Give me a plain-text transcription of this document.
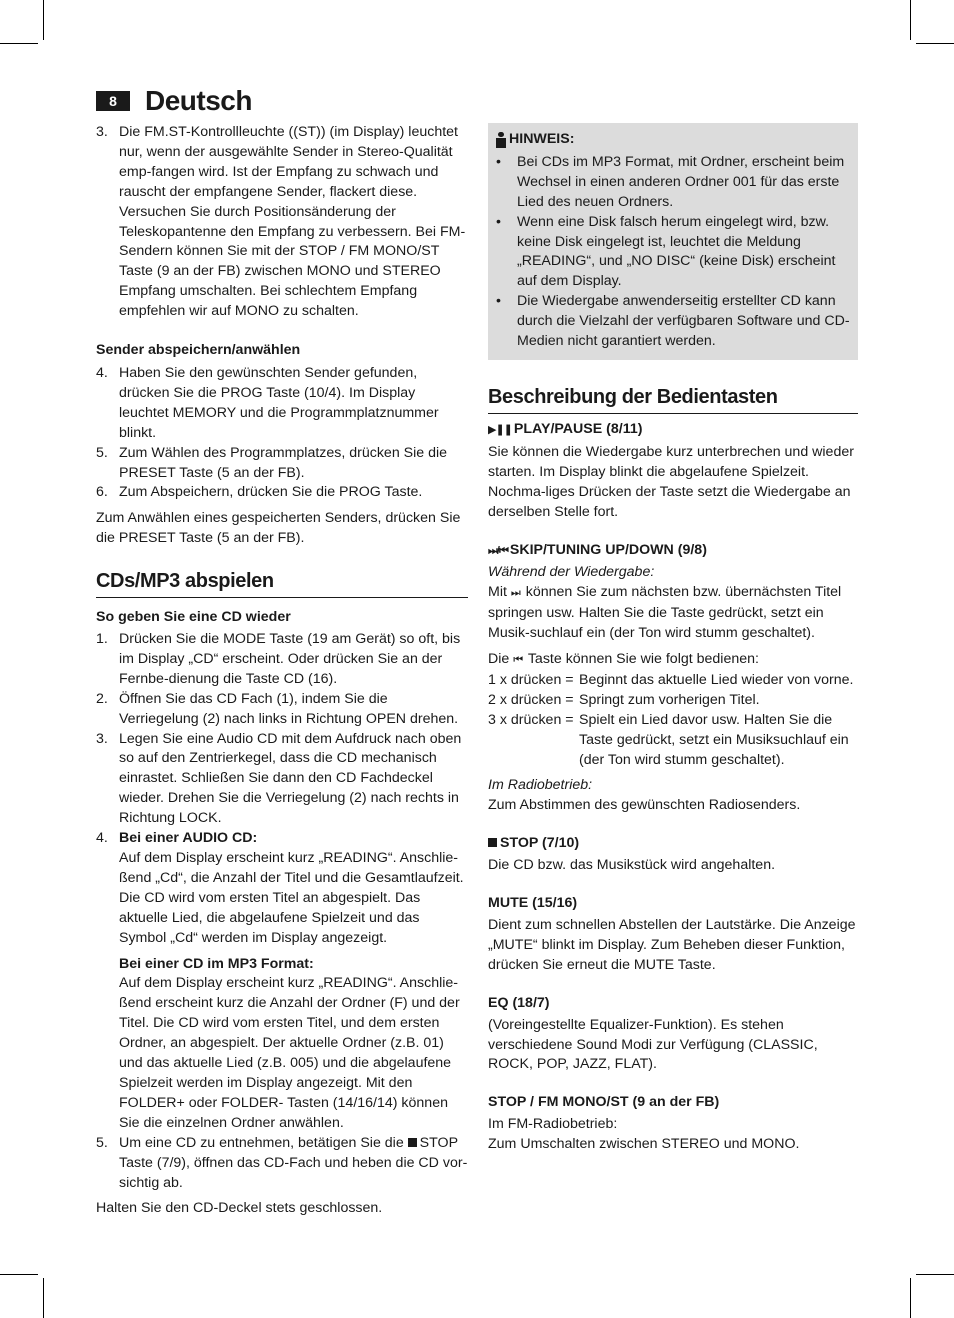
8	Deutsch
3. Die FM.ST-Kontrollleuchte ((ST)) (im Display) leuchtet nur, wenn der ausgewählte Sender in Stereo-Qualität emp-fangen wird. Ist der Empfang zu schwach und rauscht der empfangene Sender, flackert diese. Versuchen Sie durch Positionsänderung der Teleskopantenne den Empfang zu verbessern. Bei FM-Sendern können Sie mit der STOP / FM MONO/ST Taste (9 an der FB) zwischen MONO und STEREO Empfang umschalten. Bei schlechtem Empfang empfehlen wir auf MONO zu schalten.

Sender abspeichern/anwählen

4. Haben Sie den gewünschten Sender gefunden, drücken Sie die PROG Taste (10/4). Im Display leuchtet MEMORY und die Programmplatznummer blinkt.
5. Zum Wählen des Programmplatzes, drücken Sie die PRESET Taste (5 an der FB).
6. Zum Abspeichern, drücken Sie die PROG Taste.

Zum Anwählen eines gespeicherten Senders, drücken Sie die PRESET Taste (5 an der FB).

CDs/MP3 abspielen

So geben Sie eine CD wieder

1. Drücken Sie die MODE Taste (19 am Gerät) so oft, bis im Display „CD“ erscheint. Oder drücken Sie an der Fernbe-dienung die Taste CD (16).
2. Öffnen Sie das CD Fach (1), indem Sie die Verriegelung (2) nach links in Richtung OPEN drehen.
3. Legen Sie eine Audio CD mit dem Aufdruck nach oben so auf den Zentrierkegel, dass die CD mechanisch einrastet. Schließen Sie dann den CD Fachdeckel wieder. Drehen Sie die Verriegelung (2) nach rechts in Richtung LOCK.
4. Bei einer AUDIO CD:

Auf dem Display erscheint kurz „READING“. Anschlie-ßend „Cd“, die Anzahl der Titel und die Gesamtlaufzeit. Die CD wird vom ersten Titel an abgespielt. Das aktuelle Lied, die abgelaufene Spielzeit und das Symbol „Cd“ werden im Display angezeigt.

Bei einer CD im MP3 Format:

Auf dem Display erscheint kurz „READING“. Anschlie-ßend erscheint kurz die Anzahl der Ordner (F) und der Titel. Die CD wird vom ersten Titel, und dem ersten Ordner, an abgespielt. Der aktuelle Ordner (z.B. 01) und das aktuelle Lied (z.B. 005) und die abgelaufene Spielzeit werden im Display angezeigt. Mit den FOLDER+ oder FOLDER- Tasten (14/16/14) können Sie die einzelnen Ordner anwählen.

5. Um eine CD zu entnehmen, betätigen Sie die STOP Taste (7/9), öffnen das CD-Fach und heben die CD vor-sichtig ab.

Halten Sie den CD-Deckel stets geschlossen.

HINWEIS:
• Bei CDs im MP3 Format, mit Ordner, erscheint beim Wechsel in einen anderen Ordner 001 für das erste Lied des neuen Ordners.
• Wenn eine Disk falsch herum eingelegt wird, bzw. keine Disk eingelegt ist, leuchtet die Meldung „READING“, und „NO DISC“ (keine Disk) erscheint auf dem Display.
• Die Wiedergabe anwenderseitig erstellter CD kann durch die Vielzahl der verfügbaren Software und CD-Medien nicht garantiert werden.
Beschreibung der Bedientasten

▶❚❚ PLAY/PAUSE (8/11)

Sie können die Wiedergabe kurz unterbrechen und wieder starten. Im Display blinkt die abgelaufene Spielzeit. Nochma-liges Drücken der Taste setzt die Wiedergabe an derselben Stelle fort.

⏭/⏮ SKIP/TUNING UP/DOWN (9/8)

Während der Wiedergabe:

Mit ⏭ können Sie zum nächsten bzw. übernächsten Titel springen usw. Halten Sie die Taste gedrückt, setzt ein Musik-suchlauf ein (der Ton wird stumm geschaltet).

Die ⏮ Taste können Sie wie folgt bedienen:

1 x drücken = Beginnt das aktuelle Lied wieder von vorne.
2 x drücken = Springt zum vorherigen Titel.
3 x drücken = Spielt ein Lied davor usw. Halten Sie die Taste gedrückt, setzt ein Musiksuchlauf ein (der Ton wird stumm geschaltet).

Im Radiobetrieb:

Zum Abstimmen des gewünschten Radiosenders.

STOP (7/10)

Die CD bzw. das Musikstück wird angehalten.

MUTE (15/16)

Dient zum schnellen Abstellen der Lautstärke. Die Anzeige „MUTE“ blinkt im Display. Zum Beheben dieser Funktion, drücken Sie erneut die MUTE Taste.

EQ (18/7)

(Voreingestellte Equalizer-Funktion). Es stehen verschiedene Sound Modi zur Verfügung (CLASSIC, ROCK, POP, JAZZ, FLAT).

STOP / FM MONO/ST (9 an der FB)

Im FM-Radiobetrieb:

Zum Umschalten zwischen STEREO und MONO.
